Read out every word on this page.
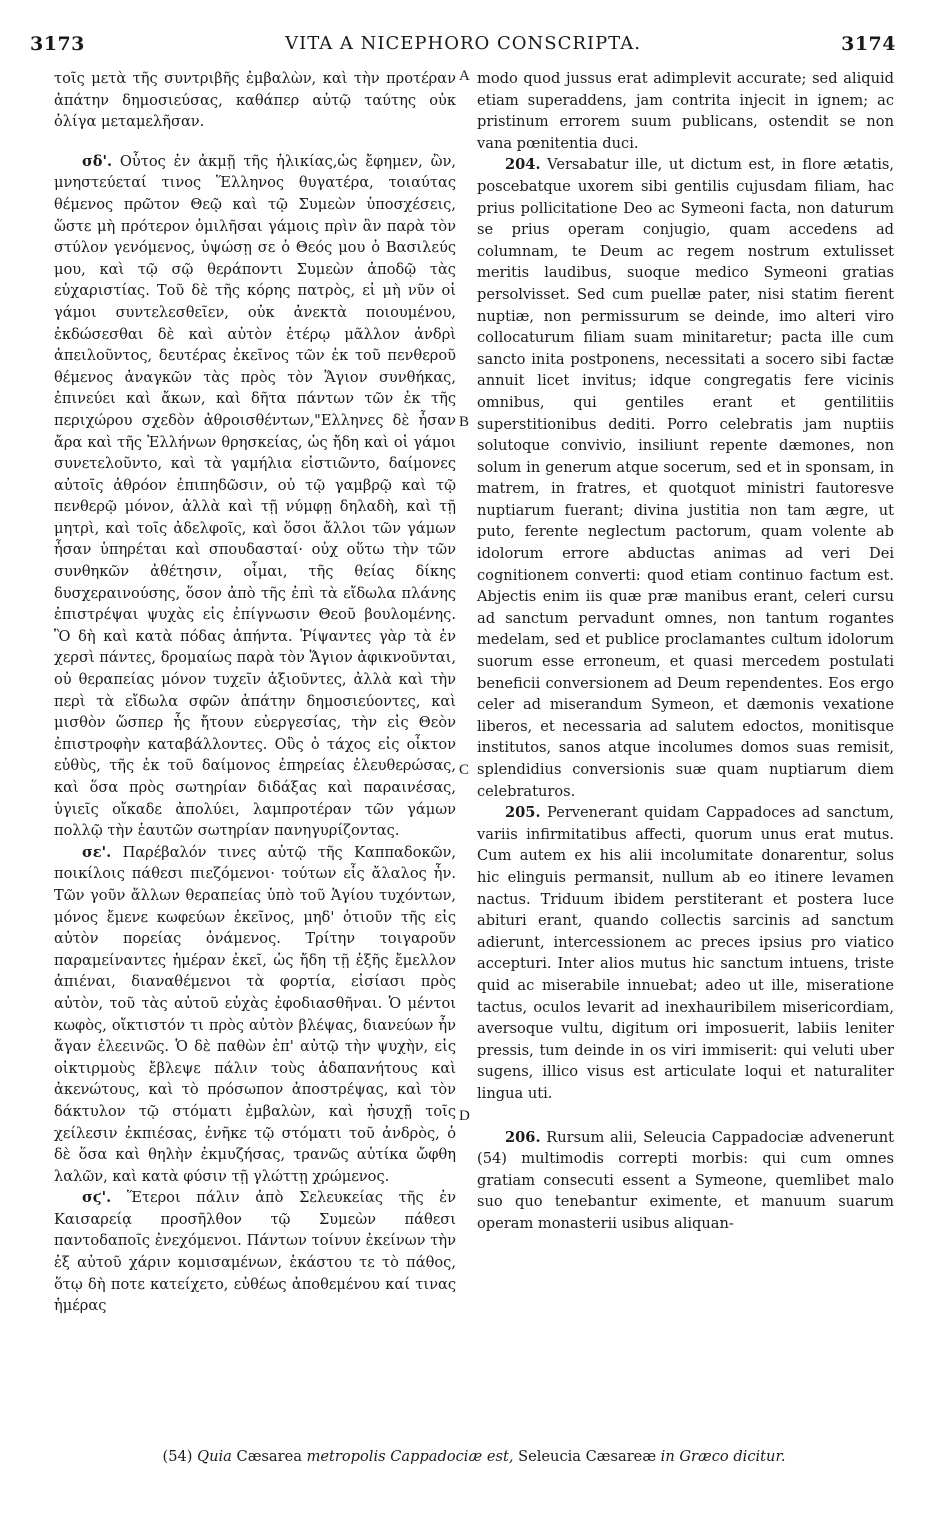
3173	VITA A NICEPHORO CONSCRIPTA.	3174

τοῖς μετὰ τῆς συντριβῆς ἐμβαλὼν, καὶ τὴν προτέραν ἀπάτην δημοσιεύσας, καθάπερ αὐτῷ ταύτης οὐκ ὀλίγα μεταμελῆσαν.

σδ'. Οὗτος ἐν ἀκμῇ τῆς ἡλικίας,ὡς ἔφημεν, ὢν, μνηστεύεταί τινος Ἕλληνος θυγατέρα, τοιαύτας θέμενος πρῶτον Θεῷ καὶ τῷ Συμεὼν ὑποσχέσεις, ὥστε μὴ πρότερον ὁμιλῆσαι γάμοις πρὶν ἂν παρὰ τὸν στύλον γενόμενος, ὑψώσῃ σε ὁ Θεός μου ὁ Βασιλεύς μου, καὶ τῷ σῷ θεράποντι Συμεὼν ἀποδῷ τὰς εὐχαριστίας. Τοῦ δὲ τῆς κόρης πατρὸς, εἰ μὴ νῦν οἱ γάμοι συντελεσθεῖεν, οὐκ ἀνεκτὰ ποιουμένου, ἐκδώσεσθαι δὲ καὶ αὐτὸν ἑτέρῳ μᾶλλον ἀνδρὶ ἀπειλοῦντος, δευτέρας ἐκεῖνος τῶν ἐκ τοῦ πενθεροῦ θέμενος ἀναγκῶν τὰς πρὸς τὸν Ἅγιον συνθήκας, ἐπινεύει καὶ ἄκων, καὶ δῆτα πάντων τῶν ἐκ τῆς περιχώρου σχεδὸν ἀθροισθέντων,"Ελληνες δὲ ἦσαν ἄρα καὶ τῆς Ἑλλήνων θρησκείας, ὡς ἤδη καὶ οἱ γάμοι συνετελοῦντο, καὶ τὰ γαμήλια εἰστιῶντο, δαίμονες αὐτοῖς ἀθρόον ἐπιπηδῶσιν, οὐ τῷ γαμβρῷ καὶ τῷ πενθερῷ μόνον, ἀλλὰ καὶ τῇ νύμφῃ δηλαδὴ, καὶ τῇ μητρὶ, καὶ τοῖς ἀδελφοῖς, καὶ ὅσοι ἄλλοι τῶν γάμων ἦσαν ὑπηρέται καὶ σπουδασταί· οὐχ οὕτω τὴν τῶν συνθηκῶν ἀθέτησιν, οἶμαι, τῆς θείας δίκης δυσχεραινούσης, ὅσον ἀπὸ τῆς ἐπὶ τὰ εἴδωλα πλάνης ἐπιστρέψαι ψυχὰς εἰς ἐπίγνωσιν Θεοῦ βουλομένης. Ὃ δὴ καὶ κατὰ πόδας ἀπήντα. Ῥίψαντες γὰρ τὰ ἐν χερσὶ πάντες, δρομαίως παρὰ τὸν Ἅγιον ἀφικνοῦνται, οὐ θεραπείας μόνον τυχεῖν ἀξιοῦντες, ἀλλὰ καὶ τὴν περὶ τὰ εἴδωλα σφῶν ἀπάτην δημοσιεύοντες, καὶ μισθὸν ὥσπερ ἧς ἤτουν εὐεργεσίας, τὴν εἰς Θεὸν ἐπιστροφὴν καταβάλλοντες. Οὓς ὁ τάχος εἰς οἶκτον εὐθὺς, τῆς ἐκ τοῦ δαίμονος ἐπηρείας ἐλευθερώσας, καὶ ὅσα πρὸς σωτηρίαν διδάξας καὶ παραινέσας, ὑγιεῖς οἴκαδε ἀπολύει, λαμπροτέραν τῶν γάμων πολλῷ τὴν ἑαυτῶν σωτηρίαν πανηγυρίζοντας.

σε'. Παρέβαλόν τινες αὐτῷ τῆς Καππαδοκῶν, ποικίλοις πάθεσι πιεζόμενοι· τούτων εἷς ἄλαλος ἦν. Τῶν γοῦν ἄλλων θεραπείας ὑπὸ τοῦ Ἁγίου τυχόντων, μόνος ἔμενε κωφεύων ἐκεῖνος, μηδ' ὁτιοῦν τῆς εἰς αὐτὸν πορείας ὀνάμενος. Τρίτην τοιγαροῦν παραμείναντες ἡμέραν ἐκεῖ, ὡς ἤδη τῇ ἑξῆς ἔμελλον ἀπιέναι, διαναθέμενοι τὰ φορτία, εἰσίασι πρὸς αὐτὸν, τοῦ τὰς αὐτοῦ εὐχὰς ἐφοδιασθῆναι. Ὁ μέντοι κωφὸς, οἴκτιστόν τι πρὸς αὐτὸν βλέψας, διανεύων ἦν ἄγαν ἐλεεινῶς. Ὁ δὲ παθὼν ἐπ' αὐτῷ τὴν ψυχὴν, εἰς οἰκτιρμοὺς ἔβλεψε πάλιν τοὺς ἀδαπανήτους καὶ ἀκενώτους, καὶ τὸ πρόσωπον ἀποστρέψας, καὶ τὸν δάκτυλον τῷ στόματι ἐμβαλὼν, καὶ ἠσυχῇ τοῖς χείλεσιν ἐκπιέσας, ἐνῆκε τῷ στόματι τοῦ ἀνδρὸς, ὁ δὲ ὅσα καὶ θηλὴν ἐκμυζήσας, τρανῶς αὐτίκα ὤφθη λαλῶν, καὶ κατὰ φύσιν τῇ γλώττῃ χρώμενος.

σϛ'. Ἕτεροι πάλιν ἀπὸ Σελευκείας τῆς ἐν Καισαρείᾳ προσῆλθον τῷ Συμεὼν πάθεσι παντοδαποῖς ἐνεχόμενοι. Πάντων τοίνυν ἐκείνων τὴν ἐξ αὐτοῦ χάριν κομισαμένων, ἑκάστου τε τὸ πάθος, ὅτῳ δὴ ποτε κατείχετο, εὐθέως ἀποθεμένου καί τινας ἡμέρας

A
B
C
D

modo quod jussus erat adimplevit accurate; sed aliquid etiam superaddens, jam contrita injecit in ignem; ac pristinum errorem suum publicans, ostendit se non vana pœnitentia duci.

204. Versabatur ille, ut dictum est, in flore ætatis, poscebatque uxorem sibi gentilis cujusdam filiam, hac prius pollicitatione Deo ac Symeoni facta, non daturum se prius operam conjugio, quam accedens ad columnam, te Deum ac regem nostrum extulisset meritis laudibus, suoque medico Symeoni gratias persolvisset. Sed cum puellæ pater, nisi statim fierent nuptiæ, non permissurum se deinde, imo alteri viro collocaturum filiam suam minitaretur; pacta ille cum sancto inita postponens, necessitati a socero sibi factæ annuit licet invitus; idque congregatis fere vicinis omnibus, qui gentiles erant et gentilitiis superstitionibus dediti. Porro celebratis jam nuptiis solutoque convivio, insiliunt repente dæmones, non solum in generum atque socerum, sed et in sponsam, in matrem, in fratres, et quotquot ministri fautoresve nuptiarum fuerant; divina justitia non tam ægre, ut puto, ferente neglectum pactorum, quam volente ab idolorum errore abductas animas ad veri Dei cognitionem converti: quod etiam continuo factum est. Abjectis enim iis quæ præ manibus erant, celeri cursu ad sanctum pervadunt omnes, non tantum rogantes medelam, sed et publice proclamantes cultum idolorum suorum esse erroneum, et quasi mercedem postulati beneficii conversionem ad Deum rependentes. Eos ergo celer ad miserandum Symeon, et dæmonis vexatione liberos, et necessaria ad salutem edoctos, monitisque institutos, sanos atque incolumes domos suas remisit, splendidius conversionis suæ quam nuptiarum diem celebraturos.

205. Pervenerant quidam Cappadoces ad sanctum, variis infirmitatibus affecti, quorum unus erat mutus. Cum autem ex his alii incolumitate donarentur, solus hic elinguis permansit, nullum ab eo itinere levamen nactus. Triduum ibidem perstiterant et postera luce abituri erant, quando collectis sarcinis ad sanctum adierunt, intercessionem ac preces ipsius pro viatico accepturi. Inter alios mutus hic sanctum intuens, triste quid ac miserabile innuebat; adeo ut ille, miseratione tactus, oculos levarit ad inexhauribilem misericordiam, aversoque vultu, digitum ori imposuerit, labiis leniter pressis, tum deinde in os viri immiserit: qui veluti uber sugens, illico visus est articulate loqui et naturaliter lingua uti.

206. Rursum alii, Seleucia Cappadociæ advenerunt (54) multimodis correpti morbis: qui cum omnes gratiam consecuti essent a Symeone, quemlibet malo suo quo tenebantur eximente, et manuum suarum operam monasterii usibus aliquan-

(54) Quia Cæsarea metropolis Cappadociæ est, Seleucia Cæsareæ in Græco dicitur.
